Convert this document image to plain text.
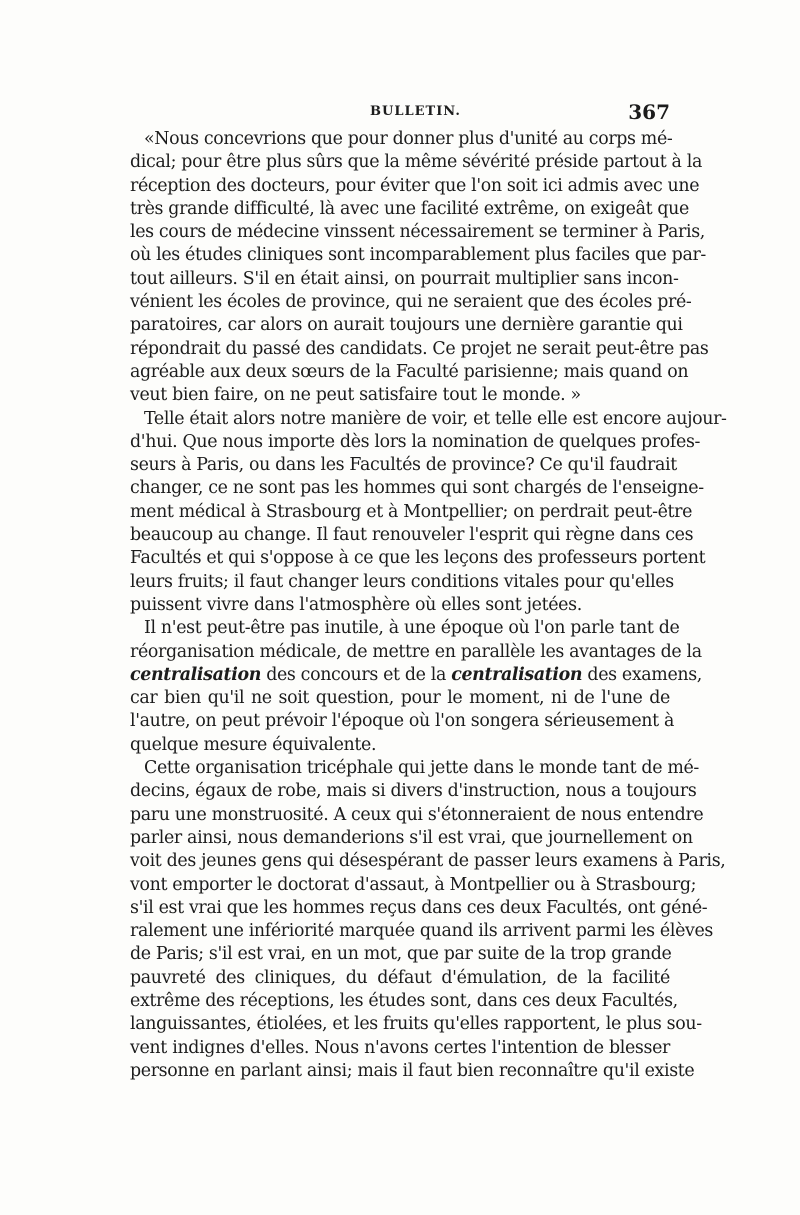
BULLETIN.	367
«Nous concevrions que pour donner plus d'unité au corps mé-
dical; pour être plus sûrs que la même sévérité préside partout à la
réception des docteurs, pour éviter que l'on soit ici admis avec une
très grande difficulté, là avec une facilité extrême, on exigeât que
les cours de médecine vinssent nécessairement se terminer à Paris,
où les études cliniques sont incomparablement plus faciles que par-
tout ailleurs. S'il en était ainsi, on pourrait multiplier sans incon-
vénient les écoles de province, qui ne seraient que des écoles pré-
paratoires, car alors on aurait toujours une dernière garantie qui
répondrait du passé des candidats. Ce projet ne serait peut-être pas
agréable aux deux sœurs de la Faculté parisienne; mais quand on
veut bien faire, on ne peut satisfaire tout le monde. »
Telle était alors notre manière de voir, et telle elle est encore aujour-
d'hui. Que nous importe dès lors la nomination de quelques profes-
seurs à Paris, ou dans les Facultés de province? Ce qu'il faudrait
changer, ce ne sont pas les hommes qui sont chargés de l'enseigne-
ment médical à Strasbourg et à Montpellier; on perdrait peut-être
beaucoup au change. Il faut renouveler l'esprit qui règne dans ces
Facultés et qui s'oppose à ce que les leçons des professeurs portent
leurs fruits; il faut changer leurs conditions vitales pour qu'elles
puissent vivre dans l'atmosphère où elles sont jetées.
Il n'est peut-être pas inutile, à une époque où l'on parle tant de
réorganisation médicale, de mettre en parallèle les avantages de la
centralisation des concours et de la centralisation des examens,
car bien qu'il ne soit question, pour le moment, ni de l'une de
l'autre, on peut prévoir l'époque où l'on songera sérieusement à
quelque mesure équivalente.
Cette organisation tricéphale qui jette dans le monde tant de mé-
decins, égaux de robe, mais si divers d'instruction, nous a toujours
paru une monstruosité. A ceux qui s'étonneraient de nous entendre
parler ainsi, nous demanderions s'il est vrai, que journellement on
voit des jeunes gens qui désespérant de passer leurs examens à Paris,
vont emporter le doctorat d'assaut, à Montpellier ou à Strasbourg;
s'il est vrai que les hommes reçus dans ces deux Facultés, ont géné-
ralement une infériorité marquée quand ils arrivent parmi les élèves
de Paris; s'il est vrai, en un mot, que par suite de la trop grande
pauvreté des cliniques, du défaut d'émulation, de la facilité
extrême des réceptions, les études sont, dans ces deux Facultés,
languissantes, étiolées, et les fruits qu'elles rapportent, le plus sou-
vent indignes d'elles. Nous n'avons certes l'intention de blesser
personne en parlant ainsi; mais il faut bien reconnaître qu'il existe
